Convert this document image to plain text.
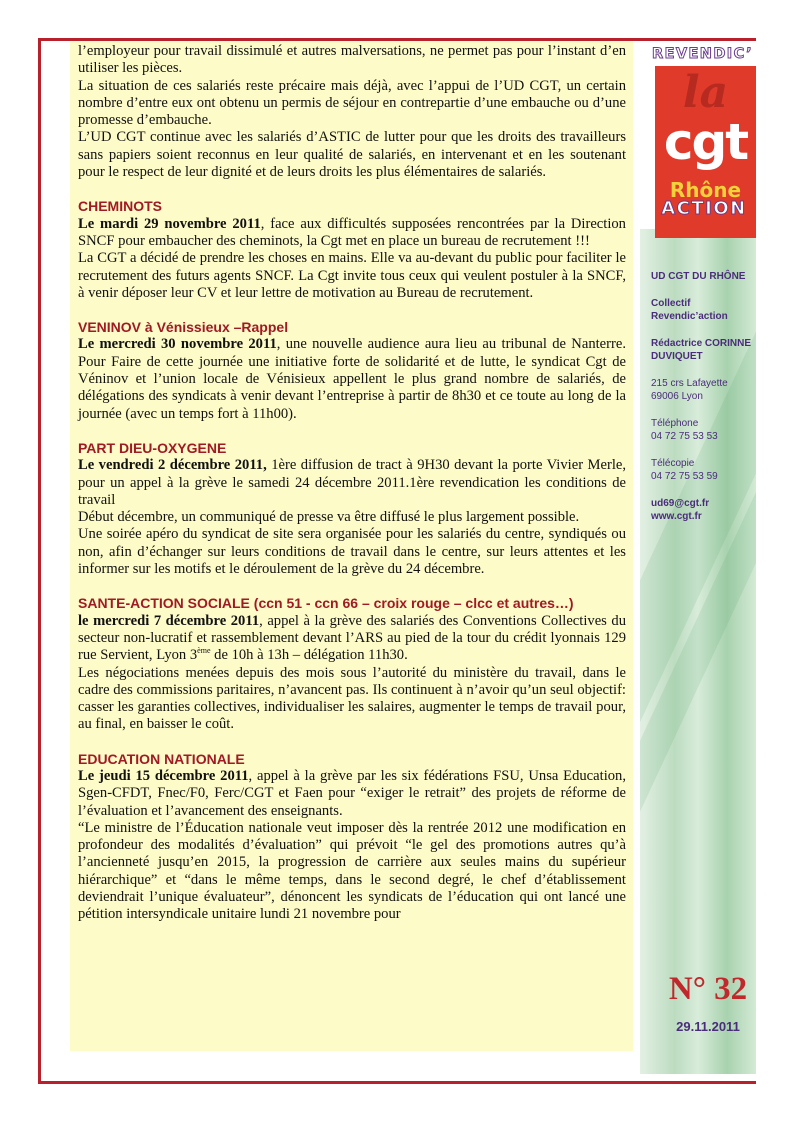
l’employeur pour travail dissimulé et autres malversations, ne permet pas pour l’instant d’en utiliser les pièces.

La situation de ces salariés reste précaire mais déjà, avec l’appui de l’UD CGT, un certain nombre d’entre eux ont obtenu un permis de séjour en contrepartie d’une embauche ou d’une promesse d’embauche.

L’UD CGT continue avec les salariés d’ASTIC de lutter pour que les droits des travailleurs sans papiers soient reconnus en leur qualité de salariés, en intervenant et en les soutenant pour le respect de leur dignité et de leurs droits les plus élémentaires de salariés.

CHEMINOTS

Le mardi 29 novembre 2011, face aux difficultés supposées rencontrées par la Direction SNCF pour embaucher des cheminots, la Cgt met en place un bureau de recrutement !!!

La CGT a décidé de prendre les choses en mains. Elle va au-devant du public pour faciliter le recrutement des futurs agents SNCF. La Cgt invite tous ceux qui veulent postuler à la SNCF, à venir déposer leur CV et leur lettre de motivation au Bureau de recrutement.

VENINOV à Vénissieux –Rappel

Le mercredi 30 novembre 2011, une nouvelle audience aura lieu au tribunal de Nanterre. Pour Faire de cette journée une initiative forte de solidarité et de lutte, le syndicat Cgt de Véninov et l’union locale de Vénisieux appellent le plus grand nombre de salariés, de délégations des syndicats à venir devant l’entreprise à partir de 8h30 et ce toute au long de la journée (avec un temps fort à 11h00).

PART DIEU-OXYGENE

Le vendredi 2 décembre 2011, 1ère diffusion de tract à 9H30 devant la porte Vivier Merle, pour un appel à la grève le samedi 24 décembre 2011.1ère revendication les conditions de travail

Début décembre, un communiqué de presse va être diffusé le plus largement possible.

Une soirée apéro du syndicat de site sera organisée pour les salariés du centre, syndiqués ou non, afin d’échanger sur leurs conditions de travail dans le centre, sur leurs attentes et les informer sur les motifs et le déroulement de la grève du 24 décembre.

SANTE-ACTION SOCIALE (ccn 51 - ccn 66 – croix rouge – clcc et autres…)

le mercredi 7 décembre 2011, appel à la grève des salariés des Conventions Collectives du secteur non-lucratif et rassemblement devant l’ARS au pied de la tour du crédit lyonnais 129 rue Servient, Lyon 3ème de 10h à 13h – délégation 11h30.

Les négociations menées depuis des mois sous l’autorité du ministère du travail, dans le cadre des commissions paritaires, n’avancent pas. Ils continuent à n’avoir qu’un seul objectif: casser les garanties collectives, individualiser les salaires, augmenter le temps de travail pour, au final, en baisser le coût.

EDUCATION NATIONALE

Le jeudi 15 décembre 2011, appel à la grève par les six fédérations FSU, Unsa Education, Sgen-CFDT, Fnec/F0, Ferc/CGT et Faen pour “exiger le retrait” des projets de réforme de l’évaluation et l’avancement des enseignants.

“Le ministre de l’Éducation nationale veut imposer dès la rentrée 2012 une modification en profondeur des modalités d’évaluation” qui prévoit “le gel des promotions autres qu’à l’ancienneté jusqu’en 2015, la progression de carrière aux seules mains du supérieur hiérarchique” et “dans le même temps, dans le second degré, le chef d’établissement deviendrait l’unique évaluateur”, dénoncent les syndicats de l’éducation qui ont lancé une pétition intersyndicale unitaire lundi 21 novembre pour

REVENDIC’
la
cgt
Rhône
ACTION

UD CGT DU RHÔNE

Collectif Revendic’action

Rédactrice CORINNE DUVIQUET

215 crs Lafayette
69006 Lyon

Téléphone
04 72 75 53 53

Télécopie
04 72 75 53 59

ud69@cgt.fr www.cgt.fr

N° 32
29.11.2011
